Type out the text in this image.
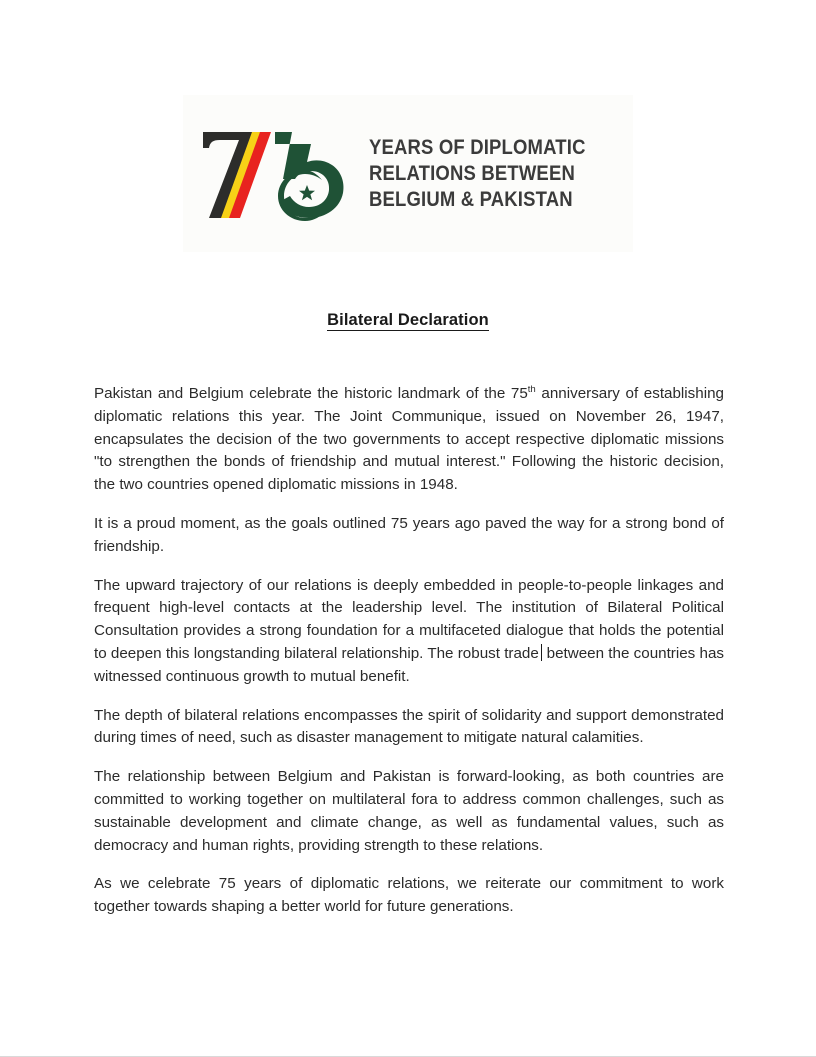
YEARS OF DIPLOMATIC
RELATIONS BETWEEN
BELGIUM & PAKISTAN
Bilateral Declaration

Pakistan and Belgium celebrate the historic landmark of the 75th anniversary of establishing diplomatic relations this year. The Joint Communique, issued on November 26, 1947, encapsulates the decision of the two governments to accept respective diplomatic missions "to strengthen the bonds of friendship and mutual interest." Following the historic decision, the two countries opened diplomatic missions in 1948.

It is a proud moment, as the goals outlined 75 years ago paved the way for a strong bond of friendship.

The upward trajectory of our relations is deeply embedded in people-to-people linkages and frequent high-level contacts at the leadership level. The institution of Bilateral Political Consultation provides a strong foundation for a multifaceted dialogue that holds the potential to deepen this longstanding bilateral relationship. The robust trade between the countries has witnessed continuous growth to mutual benefit.

The depth of bilateral relations encompasses the spirit of solidarity and support demonstrated during times of need, such as disaster management to mitigate natural calamities.

The relationship between Belgium and Pakistan is forward-looking, as both countries are committed to working together on multilateral fora to address common challenges, such as sustainable development and climate change, as well as fundamental values, such as democracy and human rights, providing strength to these relations.

As we celebrate 75 years of diplomatic relations, we reiterate our commitment to work together towards shaping a better world for future generations.
